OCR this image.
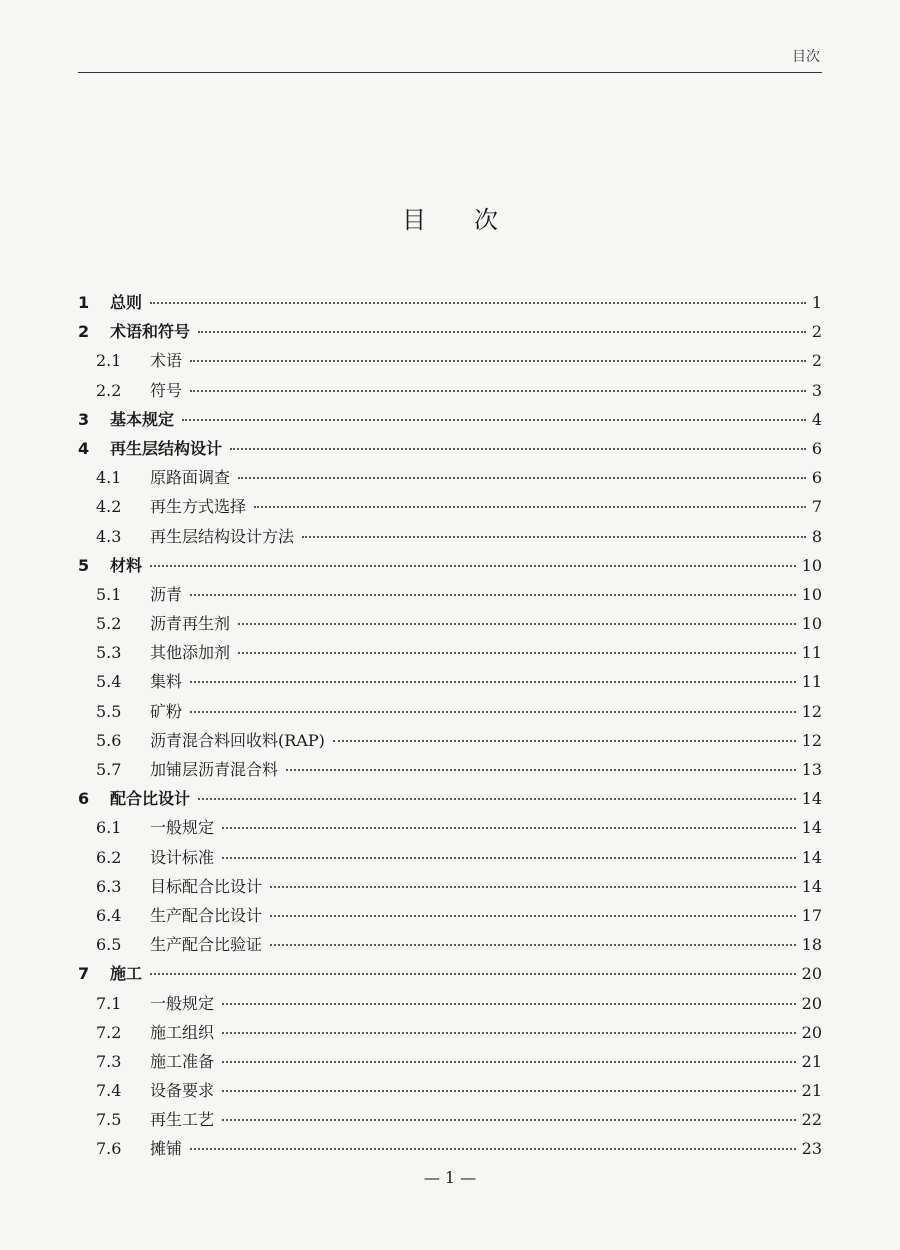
目次
目 次
1	总则	1
2	术语和符号	2
2.1	术语	2
2.2	符号	3
3	基本规定	4
4	再生层结构设计	6
4.1	原路面调查	6
4.2	再生方式选择	7
4.3	再生层结构设计方法	8
5	材料	10
5.1	沥青	10
5.2	沥青再生剂	10
5.3	其他添加剂	11
5.4	集料	11
5.5	矿粉	12
5.6	沥青混合料回收料(RAP)	12
5.7	加铺层沥青混合料	13
6	配合比设计	14
6.1	一般规定	14
6.2	设计标准	14
6.3	目标配合比设计	14
6.4	生产配合比设计	17
6.5	生产配合比验证	18
7	施工	20
7.1	一般规定	20
7.2	施工组织	20
7.3	施工准备	21
7.4	设备要求	21
7.5	再生工艺	22
7.6	摊铺	23
— 1 —
